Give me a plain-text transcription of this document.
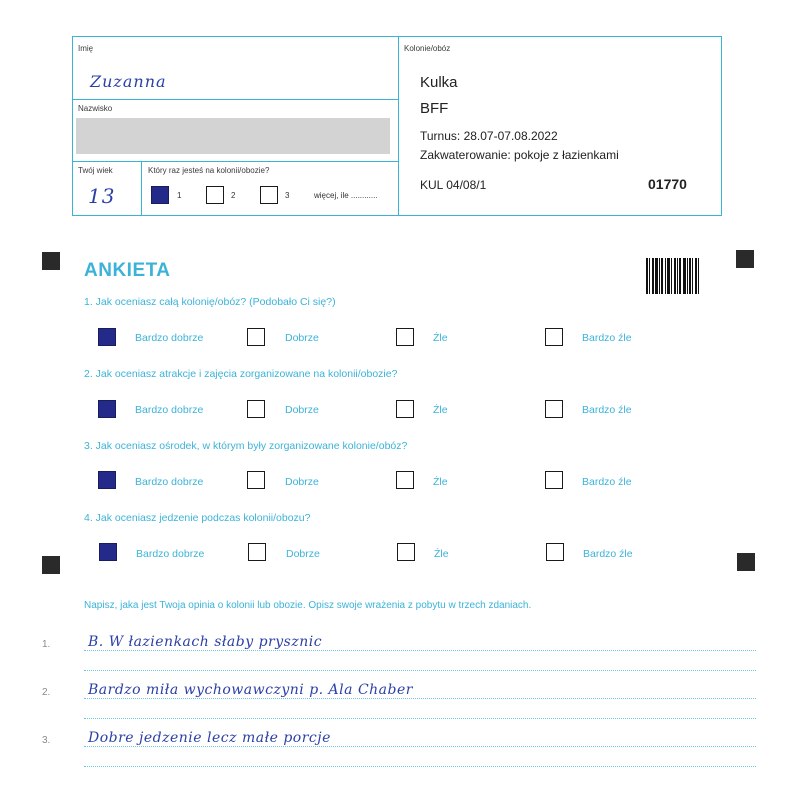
Imię
Zuzanna
Nazwisko
Twój wiek
13
Który raz jesteś na kolonii/obozie?
1	2	3	więcej, ile ............
Kolonie/obóz
Kulka
BFF
Turnus: 28.07-07.08.2022
Zakwaterowanie: pokoje z łazienkami
KUL 04/08/1	01770
ANKIETA
1. Jak oceniasz całą kolonię/obóz? (Podobało Ci się?)
Bardzo dobrze	Dobrze	Źle	Bardzo źle
2. Jak oceniasz atrakcje i zajęcia zorganizowane na kolonii/obozie?
Bardzo dobrze	Dobrze	Źle	Bardzo źle
3. Jak oceniasz ośrodek, w którym były zorganizowane kolonie/obóz?
Bardzo dobrze	Dobrze	Źle	Bardzo źle
4. Jak oceniasz jedzenie podczas kolonii/obozu?
Bardzo dobrze	Dobrze	Źle	Bardzo źle
Napisz, jaka jest Twoja opinia o kolonii lub obozie. Opisz swoje wrażenia z pobytu w trzech zdaniach.
1.	B. W łazienkach słaby prysznic
2.	Bardzo miła wychowawczyni p. Ala Chaber
3.	Dobre jedzenie lecz małe porcje
